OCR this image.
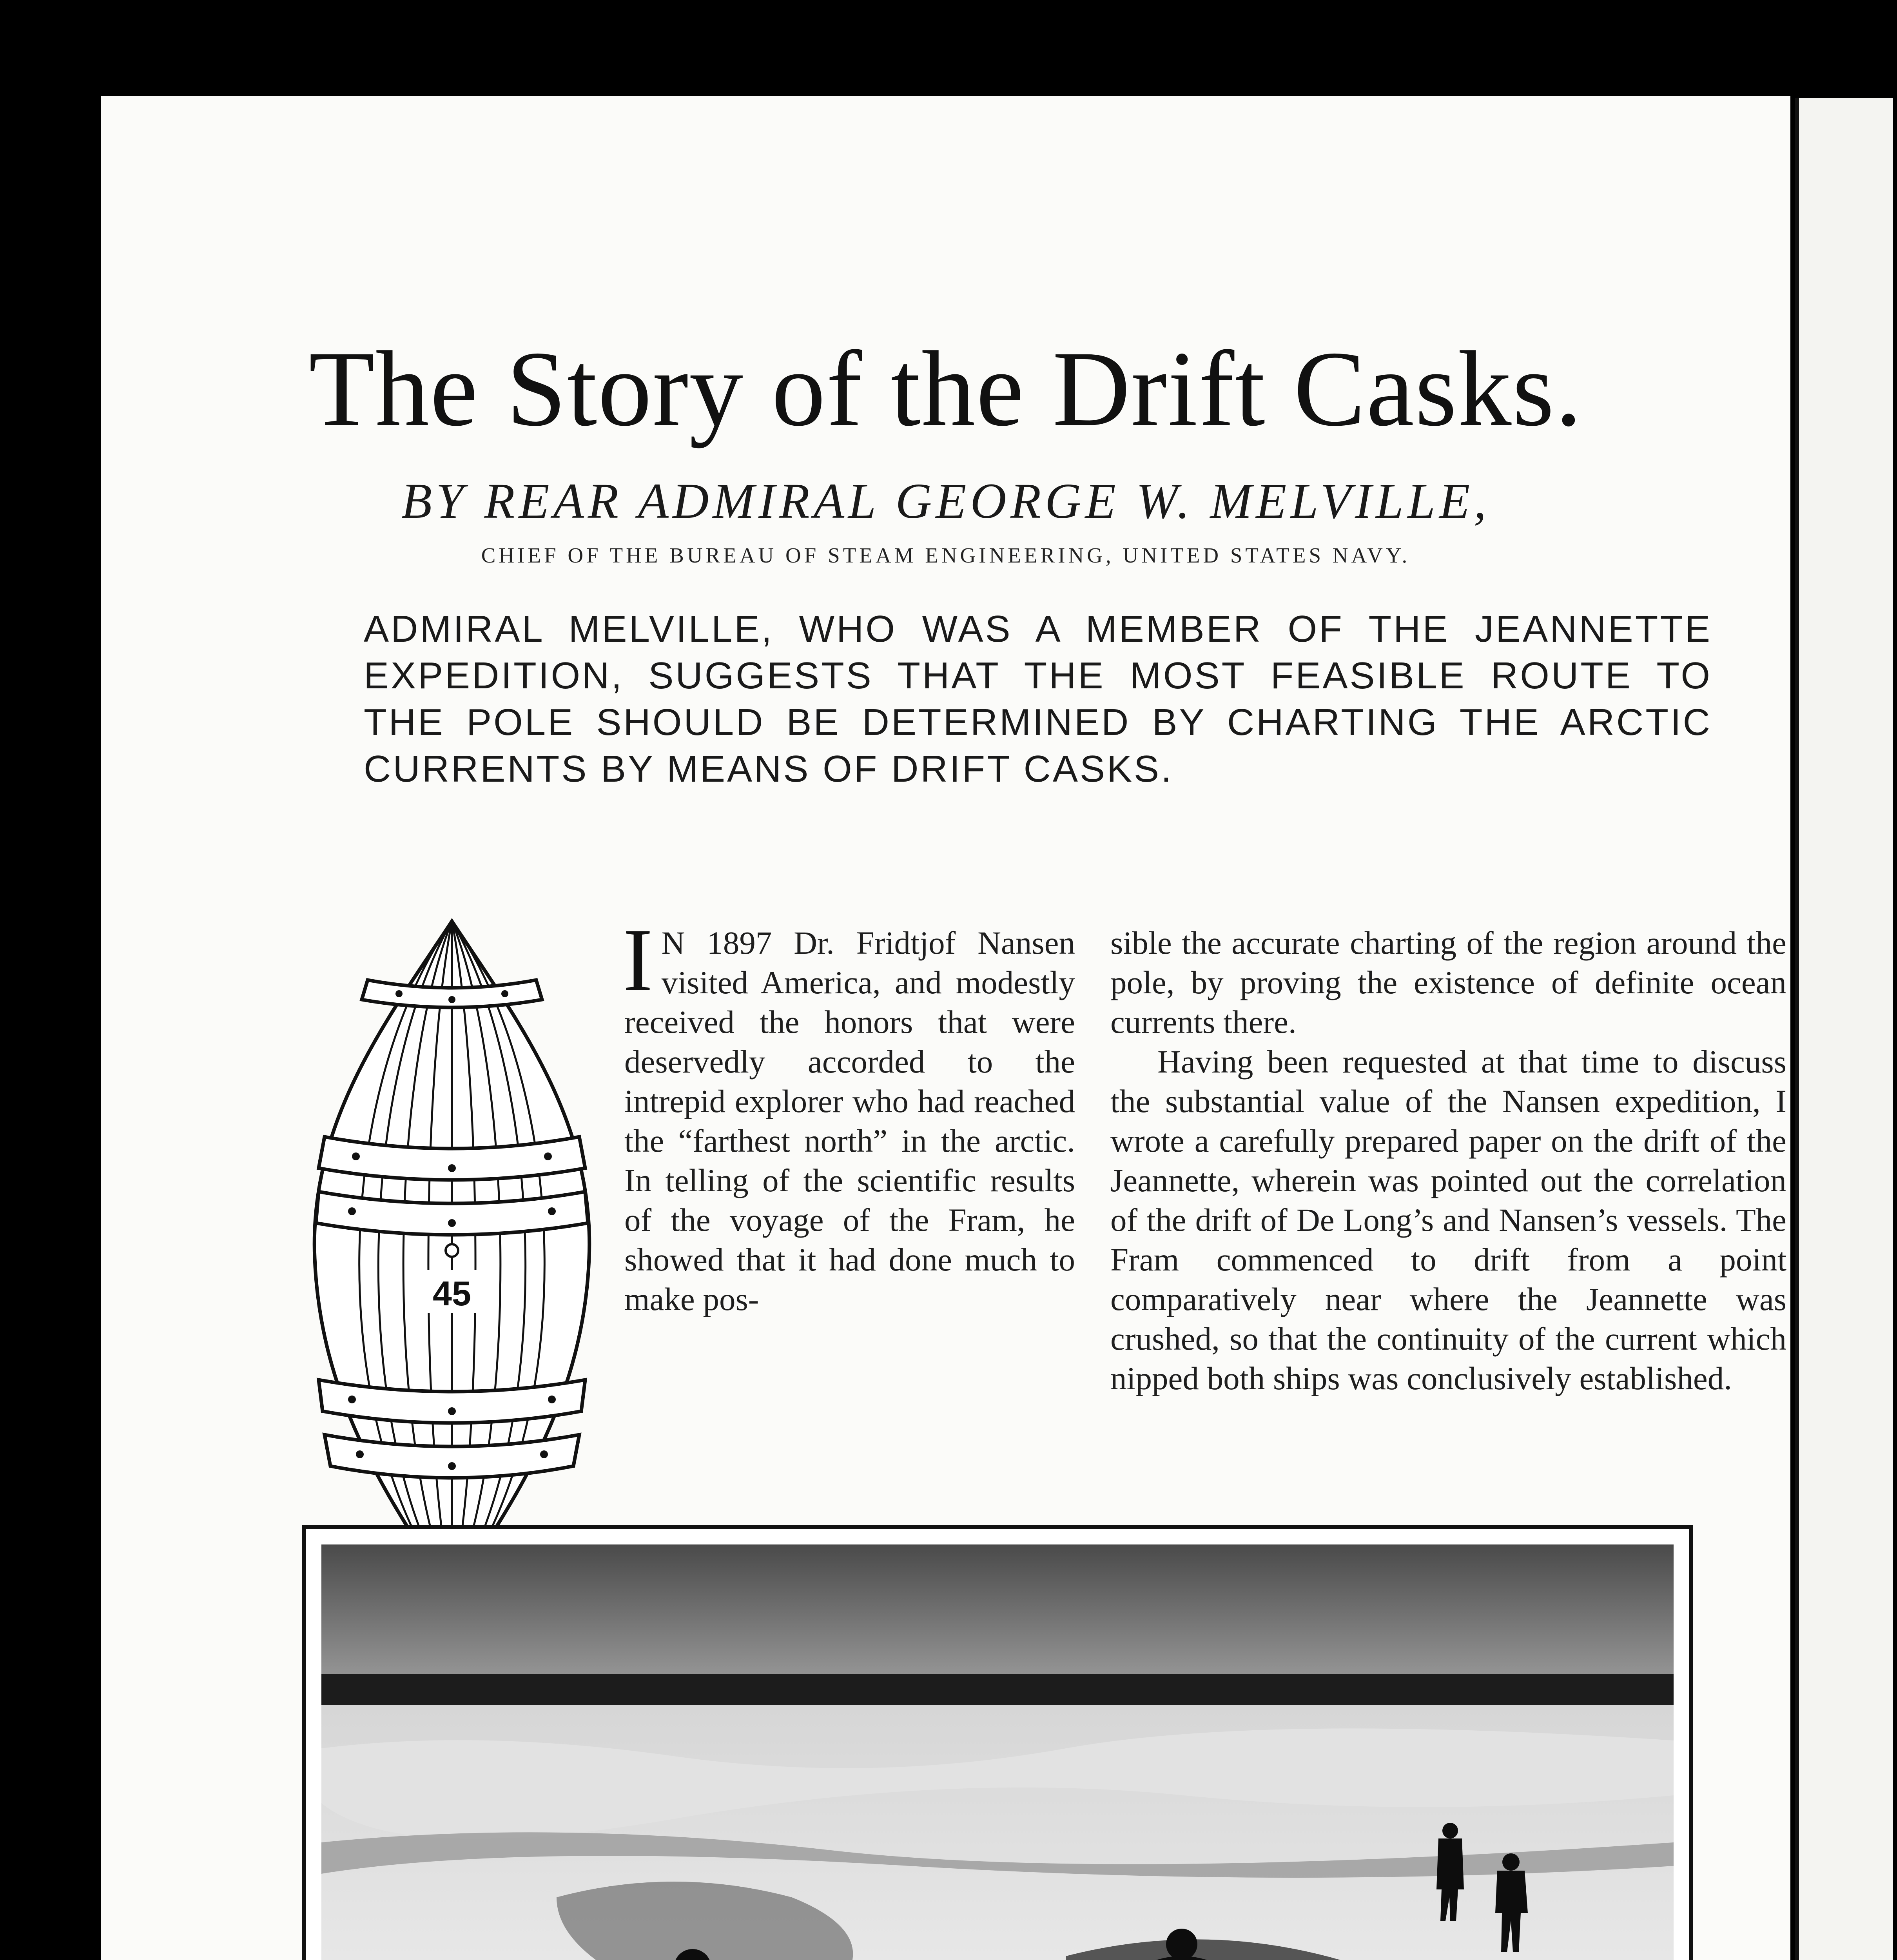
The Story of the Drift Casks.
BY REAR ADMIRAL GEORGE W. MELVILLE,
CHIEF OF THE BUREAU OF STEAM ENGINEERING, UNITED STATES NAVY.
ADMIRAL MELVILLE, WHO WAS A MEMBER OF THE JEANNETTE EXPEDITION, SUGGESTS THAT THE MOST FEASIBLE ROUTE TO THE POLE SHOULD BE DETERMINED BY CHARTING THE ARCTIC CURRENTS BY MEANS OF DRIFT CASKS.
45

I N 1897 Dr. Fridtjof Nansen visited America, and modestly received the honors that were deservedly accorded to the intrepid explorer who had reached the “farthest north” in the arctic. In telling of the scientific results of the voyage of the Fram, he showed that it had done much to make pos-

sible the accurate charting of the region around the pole, by proving the existence of definite ocean currents there.

Having been requested at that time to discuss the substantial value of the Nansen expedition, I wrote a carefully prepared paper on the drift of the Jeannette, wherein was pointed out the correlation of the drift of De Long’s and Nansen’s vessels. The Fram commenced to drift from a point comparatively near where the Jeannette was crushed, so that the continuity of the current which nipped both ships was conclusively established.
